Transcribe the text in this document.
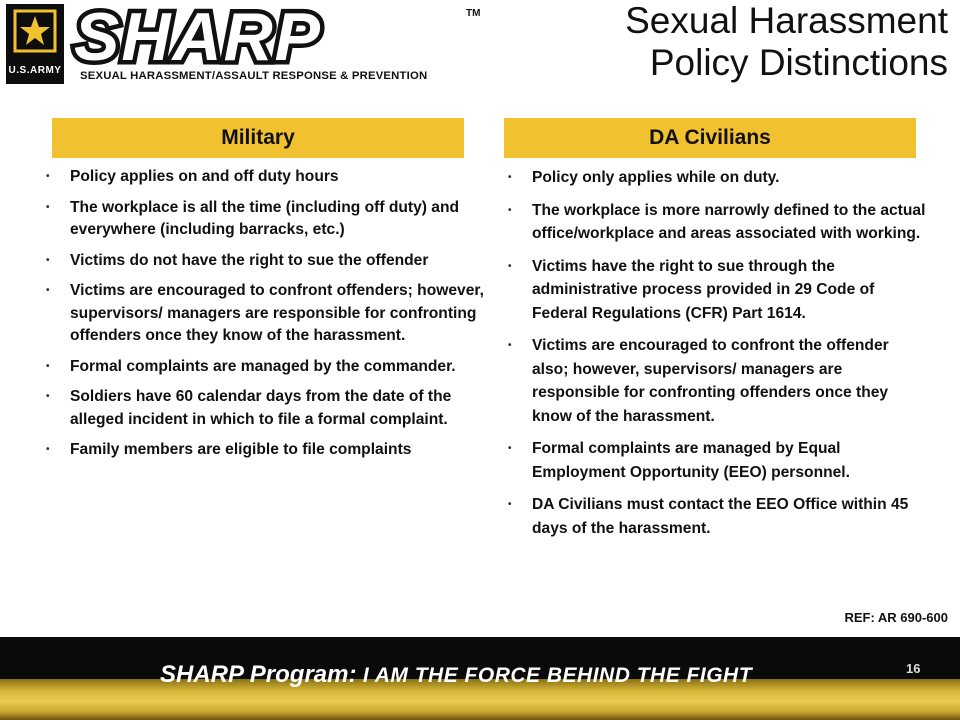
U.S.ARMY SHARP	TM
SEXUAL HARASSMENT/ASSAULT RESPONSE & PREVENTION
Sexual Harassment
Policy Distinctions
Military	DA Civilians
• Policy applies on and off duty hours
• The workplace is all the time (including off duty) and everywhere (including barracks, etc.)
• Victims do not have the right to sue the offender
• Victims are encouraged to confront offenders; however, supervisors/ managers are responsible for confronting offenders once they know of the harassment.
• Formal complaints are managed by the commander.
• Soldiers have 60 calendar days from the date of the alleged incident in which to file a formal complaint.
• Family members are eligible to file complaints
• Policy only applies while on duty.
• The workplace is more narrowly defined to the actual office/workplace and areas associated with working.
• Victims have the right to sue through the administrative process provided in 29 Code of Federal Regulations (CFR) Part 1614.
• Victims are encouraged to confront the offender also; however, supervisors/ managers are responsible for confronting offenders once they know of the harassment.
• Formal complaints are managed by Equal Employment Opportunity (EEO) personnel.
• DA Civilians must contact the EEO Office within 45 days of the harassment.
REF: AR 690-600
SHARP Program: I AM THE FORCE BEHIND THE FIGHT	16
